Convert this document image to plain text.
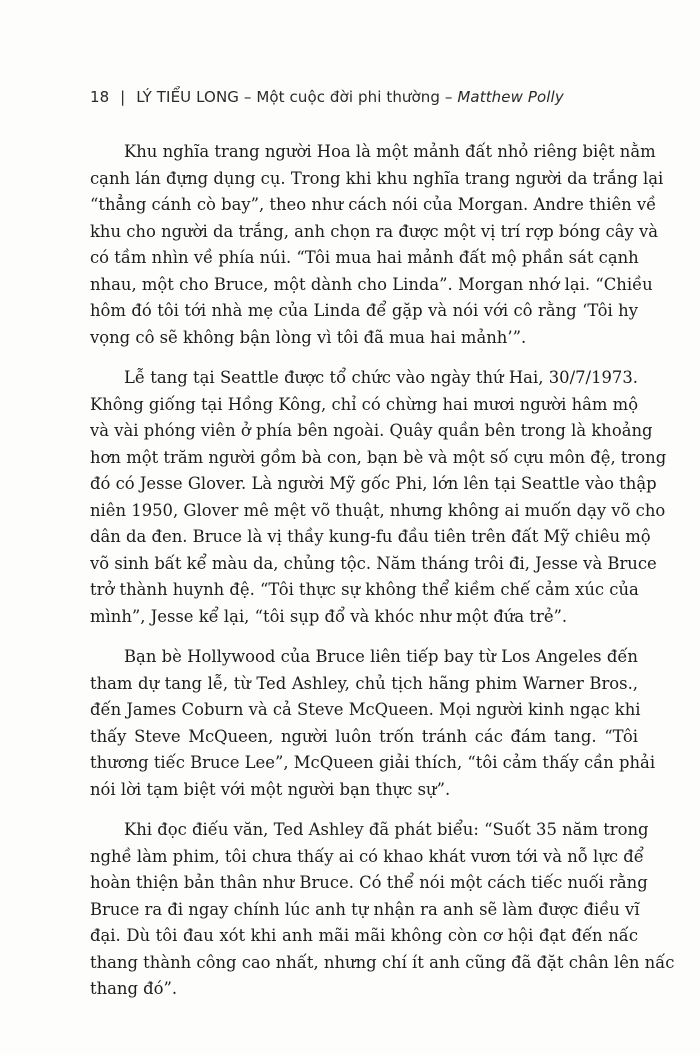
18 | LÝ TIỂU LONG – Một cuộc đời phi thường – Matthew Polly

Khu nghĩa trang người Hoa là một mảnh đất nhỏ riêng biệt nằm
cạnh lán đựng dụng cụ. Trong khi khu nghĩa trang người da trắng lại
“thẳng cánh cò bay”, theo như cách nói của Morgan. Andre thiên về
khu cho người da trắng, anh chọn ra được một vị trí rợp bóng cây và
có tầm nhìn về phía núi. “Tôi mua hai mảnh đất mộ phần sát cạnh
nhau, một cho Bruce, một dành cho Linda”. Morgan nhớ lại. “Chiều
hôm đó tôi tới nhà mẹ của Linda để gặp và nói với cô rằng ‘Tôi hy
vọng cô sẽ không bận lòng vì tôi đã mua hai mảnh’”.

Lễ tang tại Seattle được tổ chức vào ngày thứ Hai, 30/7/1973.
Không giống tại Hồng Kông, chỉ có chừng hai mươi người hâm mộ
và vài phóng viên ở phía bên ngoài. Quây quần bên trong là khoảng
hơn một trăm người gồm bà con, bạn bè và một số cựu môn đệ, trong
đó có Jesse Glover. Là người Mỹ gốc Phi, lớn lên tại Seattle vào thập
niên 1950, Glover mê mệt võ thuật, nhưng không ai muốn dạy võ cho
dân da đen. Bruce là vị thầy kung-fu đầu tiên trên đất Mỹ chiêu mộ
võ sinh bất kể màu da, chủng tộc. Năm tháng trôi đi, Jesse và Bruce
trở thành huynh đệ. “Tôi thực sự không thể kiềm chế cảm xúc của
mình”, Jesse kể lại, “tôi sụp đổ và khóc như một đứa trẻ”.

Bạn bè Hollywood của Bruce liên tiếp bay từ Los Angeles đến
tham dự tang lễ, từ Ted Ashley, chủ tịch hãng phim Warner Bros.,
đến James Coburn và cả Steve McQueen. Mọi người kinh ngạc khi
thấy Steve McQueen, người luôn trốn tránh các đám tang. “Tôi
thương tiếc Bruce Lee”, McQueen giải thích, “tôi cảm thấy cần phải
nói lời tạm biệt với một người bạn thực sự”.

Khi đọc điếu văn, Ted Ashley đã phát biểu: “Suốt 35 năm trong
nghề làm phim, tôi chưa thấy ai có khao khát vươn tới và nỗ lực để
hoàn thiện bản thân như Bruce. Có thể nói một cách tiếc nuối rằng
Bruce ra đi ngay chính lúc anh tự nhận ra anh sẽ làm được điều vĩ
đại. Dù tôi đau xót khi anh mãi mãi không còn cơ hội đạt đến nấc
thang thành công cao nhất, nhưng chí ít anh cũng đã đặt chân lên nấc
thang đó”.
